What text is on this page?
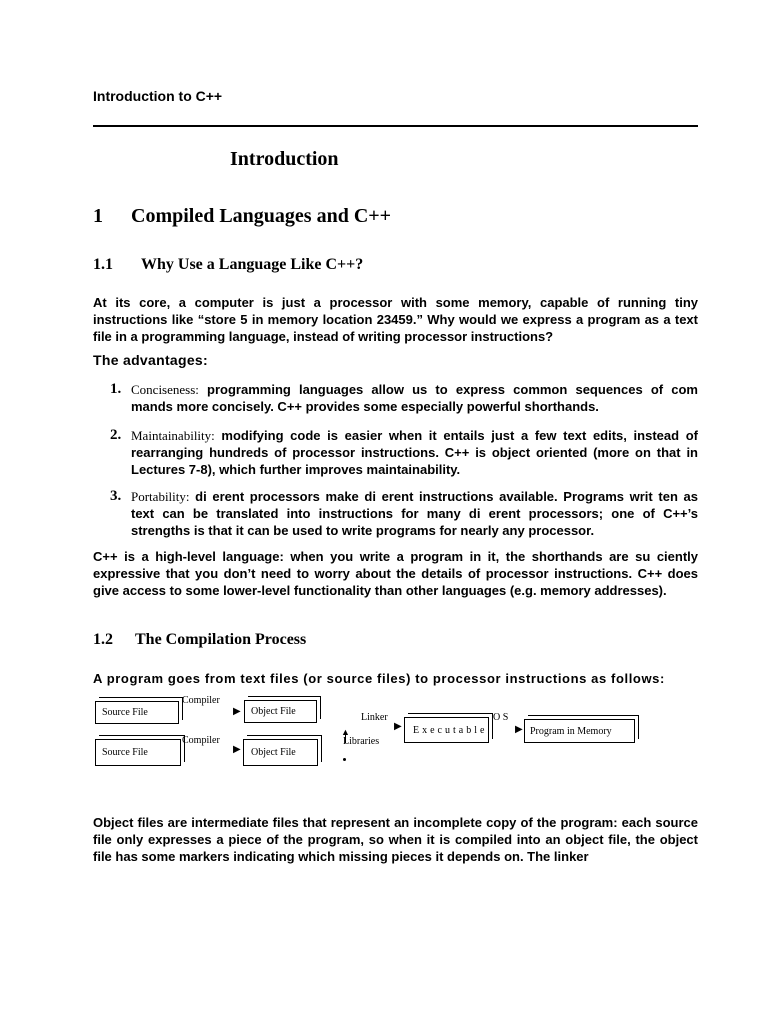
Introduction to C++
Introduction
1 Compiled Languages and C++
1.1 Why Use a Language Like C++?
At its core, a computer is just a processor with some memory, capable of running tiny instructions like “store 5 in memory location 23459.” Why would we express a program as a text file in a programming language, instead of writing processor instructions?
The advantages:
1. Conciseness: programming languages allow us to express common sequences of com mands more concisely. C++ provides some especially powerful shorthands.
2. Maintainability: modifying code is easier when it entails just a few text edits, instead of rearranging hundreds of processor instructions. C++ is object oriented (more on that in Lectures 7-8), which further improves maintainability.
3. Portability: di erent processors make di erent instructions available. Programs writ ten as text can be translated into instructions for many di erent processors; one of C++’s strengths is that it can be used to write programs for nearly any processor.
C++ is a high-level language: when you write a program in it, the shorthands are su ciently expressive that you don’t need to worry about the details of processor instructions. C++ does give access to some lower-level functionality than other languages (e.g. memory addresses).
1.2 The Compilation Process
A program goes from text files (or source files) to processor instructions as follows:
Source File
Compiler
▶	Object File
Source File
Compiler
▶	Object File
Linker
▶
▲
Libraries
Executable
O S
▶ Program in Memory
Object files are intermediate files that represent an incomplete copy of the program: each source file only expresses a piece of the program, so when it is compiled into an object file, the object file has some markers indicating which missing pieces it depends on. The linker
